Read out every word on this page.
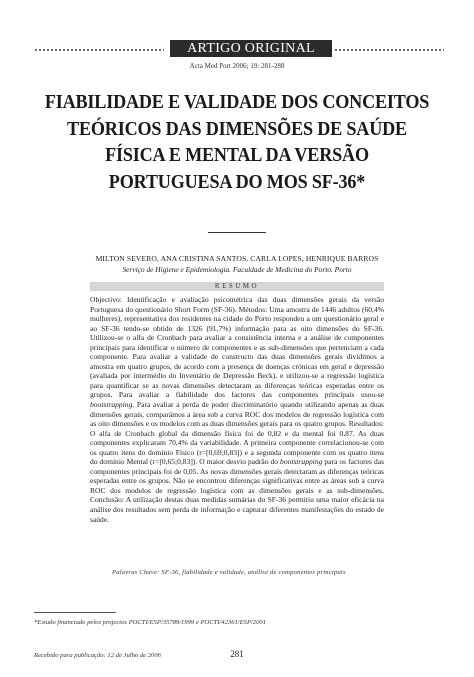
ARTIGO ORIGINAL
Acta Med Port 2006; 19: 281-288
FIABILIDADE E VALIDADE DOS CONCEITOS
TEÓRICOS DAS DIMENSÕES DE SAÚDE
FÍSICA E MENTAL DA VERSÃO
PORTUGUESA DO MOS SF-36*
MILTON SEVERO, ANA CRISTINA SANTOS, CARLA LOPES, HENRIQUE BARROS
Serviço de Higiene e Epidemiologia. Faculdade de Medicina do Porto. Porto
RESUMO
Objectivo: Identificação e avaliação psicométrica das duas dimensões gerais da versão Portuguesa do questionário Short Form (SF-36). Métodos: Uma amostra de 1446 adultos (60,4% mulheres), representativa dos residentes na cidade do Porto respondeu a um questionário geral e ao SF-36 tendo-se obtido de 1326 (91,7%) informação para as oito dimensões do SF-36. Utilizou-se o alfa de Cronbach para avaliar a consistência interna e a análise de componentes principais para identificar o número de componentes e as sub-dimensões que pertenciam a cada componente. Para avaliar a validade de constructo das duas dimensões gerais dividimos a amostra em quatro grupos, de acordo com a presença de doenças crónicas em geral e depressão (avaliada por intermédio do Inventário de Depressão Beck), e utilizou-se a regressão logística para quantificar se as novas dimensões detectaram as diferenças teóricas esperadas entre os grupos. Para avaliar a fiabilidade dos factores das componentes principais usou-se bootstrapping. Para avaliar a perda de poder discriminatório quando utilizando apenas as duas dimensões gerais, comparámos a área sob a curva ROC dos modelos de regressão logística com as oito dimensões e os modelos com as duas dimensões gerais para os quatro grupos. Resultados: O alfa de Cronbach global da dimensão física foi de 0,82 e da mental foi 0,87. As duas componentes explicaram 70,4% da variabilidade. A primeira componente correlacionou-se com os quatro itens do domínio Físico (r=[0,69;0,83]) e a segunda componente com os quatro itens do domínio Mental (r=[0,65;0,83]). O maior desvio padrão do bootstrapping para os factores das componentes principais foi de 0,05. As novas dimensões gerais detectaram as diferenças teóricas esperadas entre os grupos. Não se encontrou diferenças significativas entre as áreas sob a curva ROC dos modelos de regressão logística com as dimensões gerais e as sub-dimensões. Conclusão: A utilização destas duas medidas sumárias do SF-36 permitiu uma maior eficácia na análise dos resultados sem perda de informação e capturar diferentes manifestações do estado de saúde.
Palavras Chave: SF-36, fiabilidade e validade, análise de componentes principais
*Estudo financiado pelos projectos POCTI/ESP/35789/1999 e POCTI/42361/ESP/2001
Recebido para publicação: 12 de Julho de 2006	281
